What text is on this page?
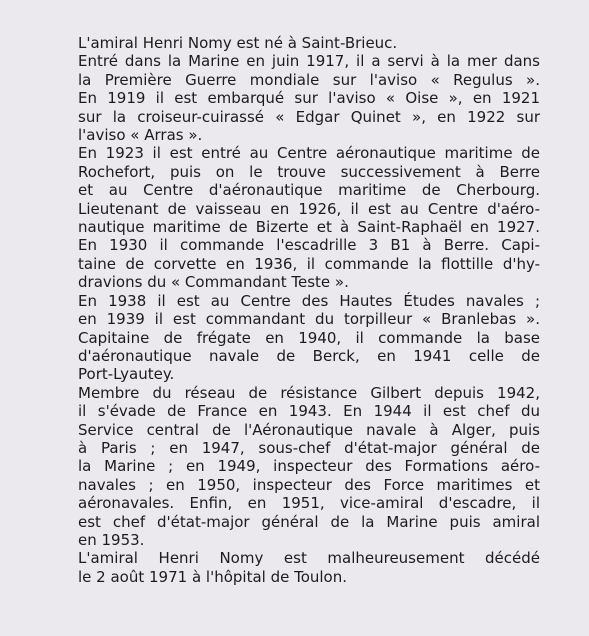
L'amiral Henri Nomy est né à Saint-Brieuc.
Entré dans la Marine en juin 1917, il a servi à la mer dans
la Première Guerre mondiale sur l'aviso « Regulus ».
En 1919 il est embarqué sur l'aviso « Oise », en 1921
sur la croiseur-cuirassé « Edgar Quinet », en 1922 sur
l'aviso « Arras ».
En 1923 il est entré au Centre aéronautique maritime de
Rochefort, puis on le trouve successivement à Berre
et au Centre d'aéronautique maritime de Cherbourg.
Lieutenant de vaisseau en 1926, il est au Centre d'aéro-
nautique maritime de Bizerte et à Saint-Raphaël en 1927.
En 1930 il commande l'escadrille 3 B1 à Berre. Capi-
taine de corvette en 1936, il commande la flottille d'hy-
dravions du « Commandant Teste ».
En 1938 il est au Centre des Hautes Études navales ;
en 1939 il est commandant du torpilleur « Branlebas ».
Capitaine de frégate en 1940, il commande la base
d'aéronautique navale de Berck, en 1941 celle de
Port-Lyautey.
Membre du réseau de résistance Gilbert depuis 1942,
il s'évade de France en 1943. En 1944 il est chef du
Service central de l'Aéronautique navale à Alger, puis
à Paris ; en 1947, sous-chef d'état-major général de
la Marine ; en 1949, inspecteur des Formations aéro-
navales ; en 1950, inspecteur des Force maritimes et
aéronavales. Enfin, en 1951, vice-amiral d'escadre, il
est chef d'état-major général de la Marine puis amiral
en 1953.
L'amiral Henri Nomy est malheureusement décédé
le 2 août 1971 à l'hôpital de Toulon.
